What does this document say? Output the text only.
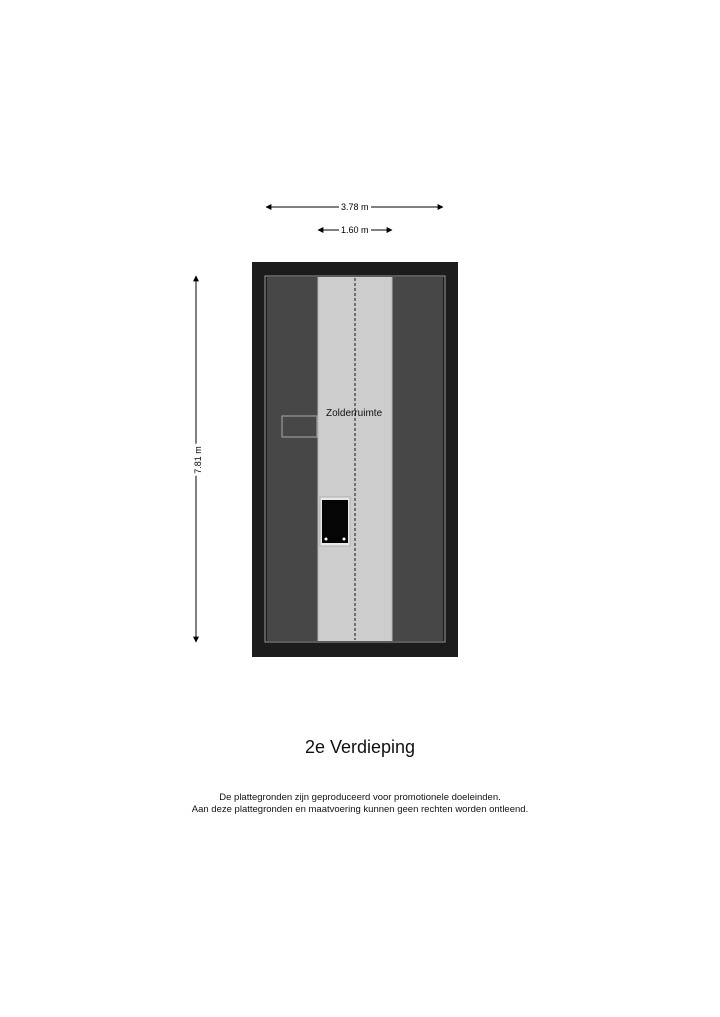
3.78 m
1.60 m
7.81 m
Zolderruimte
2e Verdieping
De plattegronden zijn geproduceerd voor promotionele doeleinden.
Aan deze plattegronden en maatvoering kunnen geen rechten worden ontleend.
